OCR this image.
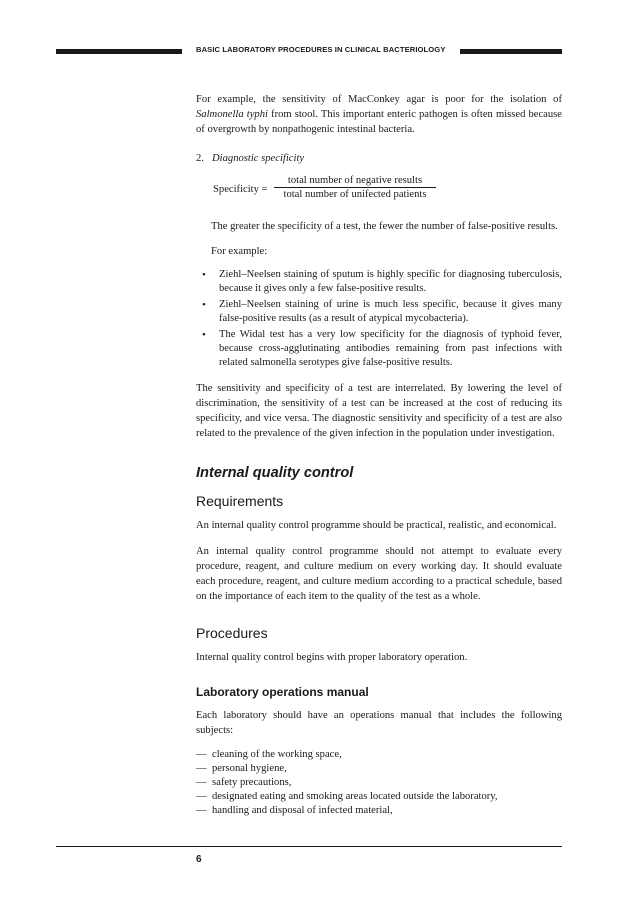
BASIC LABORATORY PROCEDURES IN CLINICAL BACTERIOLOGY

For example, the sensitivity of MacConkey agar is poor for the isolation of Salmonella typhi from stool. This important enteric pathogen is often missed because of overgrowth by nonpathogenic intestinal bacteria.

2. Diagnostic specificity
Specificity =
total number of negative results
total number of unifected patients

The greater the specificity of a test, the fewer the number of false-positive results.

For example:

•	Ziehl–Neelsen staining of sputum is highly specific for diagnosing tuberculosis, because it gives only a few false-positive results.
•	Ziehl–Neelsen staining of urine is much less specific, because it gives many false-positive results (as a result of atypical mycobacteria).
•	The Widal test has a very low specificity for the diagnosis of typhoid fever, because cross-agglutinating antibodies remaining from past infections with related salmonella serotypes give false-positive results.

The sensitivity and specificity of a test are interrelated. By lowering the level of discrimination, the sensitivity of a test can be increased at the cost of reducing its specificity, and vice versa. The diagnostic sensitivity and specificity of a test are also related to the prevalence of the given infection in the population under investigation.

Internal quality control
Requirements

An internal quality control programme should be practical, realistic, and economical.

An internal quality control programme should not attempt to evaluate every procedure, reagent, and culture medium on every working day. It should evaluate each procedure, reagent, and culture medium according to a practical schedule, based on the importance of each item to the quality of the test as a whole.

Procedures

Internal quality control begins with proper laboratory operation.

Laboratory operations manual

Each laboratory should have an operations manual that includes the following subjects:

— cleaning of the working space,
— personal hygiene,
— safety precautions,
— designated eating and smoking areas located outside the laboratory,
— handling and disposal of infected material,
6
